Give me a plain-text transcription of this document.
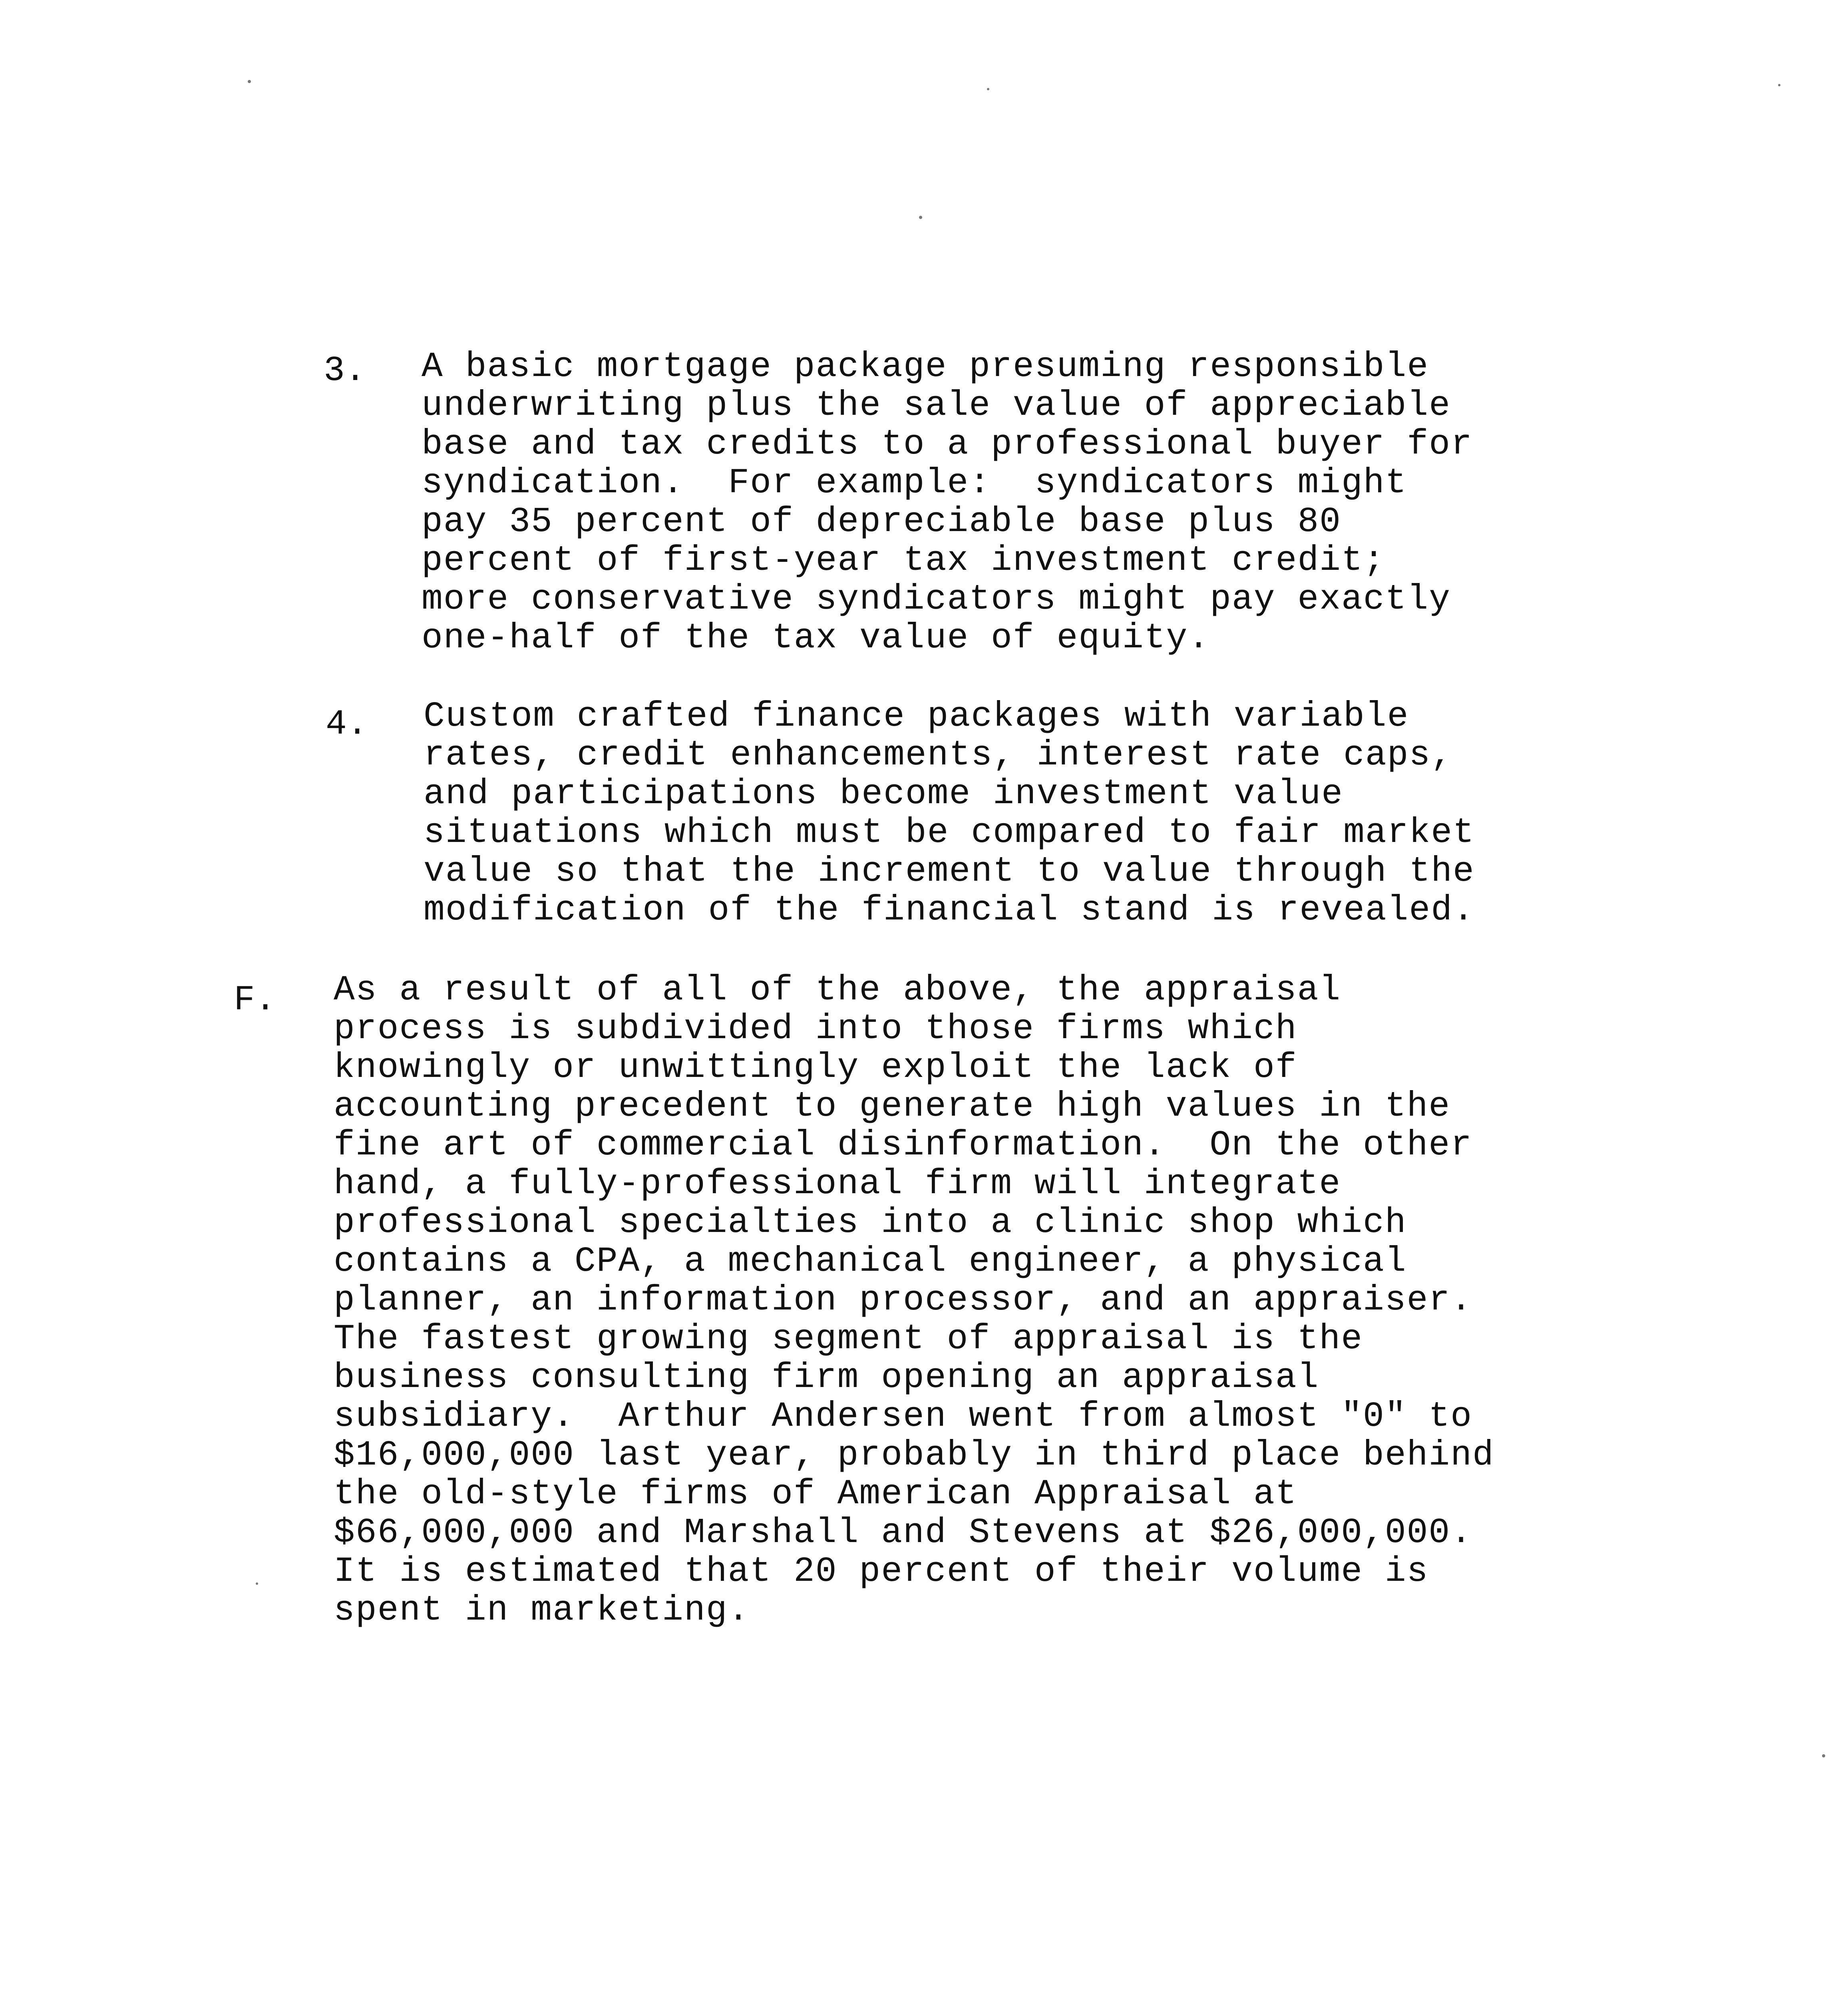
3. A basic mortgage package presuming responsible
underwriting plus the sale value of appreciable
base and tax credits to a professional buyer for
syndication.  For example:  syndicators might
pay 35 percent of depreciable base plus 80
percent of first-year tax investment credit;
more conservative syndicators might pay exactly
one-half of the tax value of equity.
4. Custom crafted finance packages with variable
rates, credit enhancements, interest rate caps,
and participations become investment value
situations which must be compared to fair market
value so that the increment to value through the
modification of the financial stand is revealed.
F. As a result of all of the above, the appraisal
process is subdivided into those firms which
knowingly or unwittingly exploit the lack of
accounting precedent to generate high values in the
fine art of commercial disinformation.  On the other
hand, a fully-professional firm will integrate
professional specialties into a clinic shop which
contains a CPA, a mechanical engineer, a physical
planner, an information processor, and an appraiser.
The fastest growing segment of appraisal is the
business consulting firm opening an appraisal
subsidiary.  Arthur Andersen went from almost "0" to
$16,000,000 last year, probably in third place behind
the old-style firms of American Appraisal at
$66,000,000 and Marshall and Stevens at $26,000,000.
It is estimated that 20 percent of their volume is
spent in marketing.
